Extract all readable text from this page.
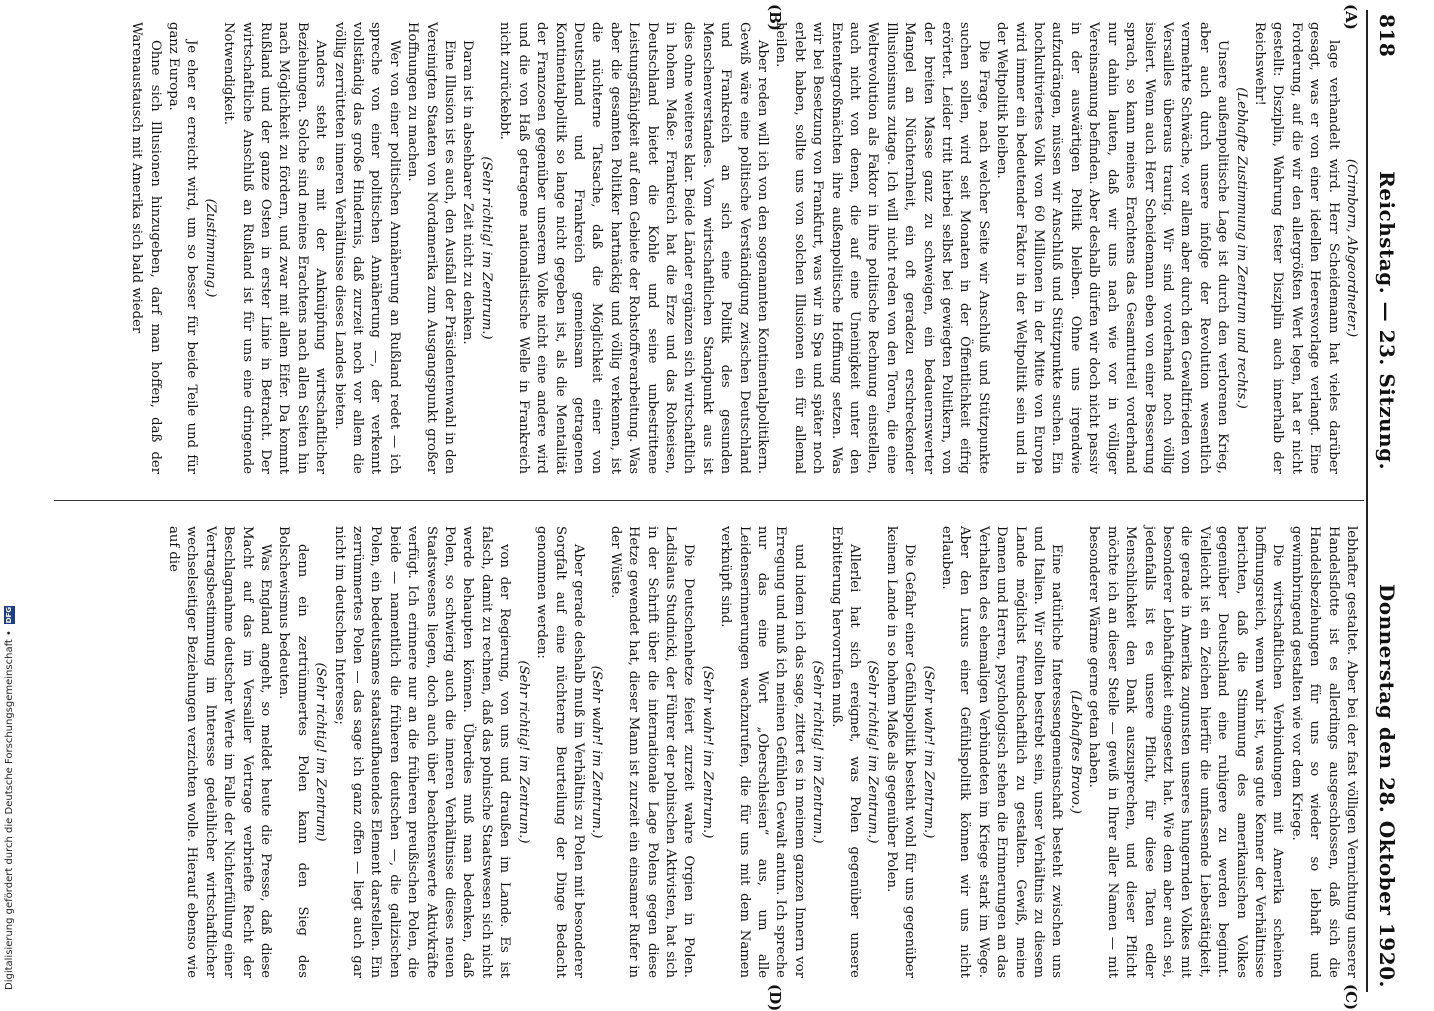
818
Reichstag. — 23. Sitzung.
Donnerstag den 28. Oktober 1920.
(A)
(B)
(C)
(D)

(Crimborn, Abgeordneter.)

lage verhandelt wird. Herr Scheidemann hat vieles darüber gesagt, was er von einer ideellen Heeresvorlage verlangt. Eine Forderung, auf die wir den allergrößten Wert legen, hat er nicht gestellt: Disziplin, Wahrung fester Disziplin auch innerhalb der Reichswehr!

(Lebhafte Zustimmung im Zentrum und rechts.)

Unsere außenpolitische Lage ist durch den verlorenen Krieg, aber auch durch unsere infolge der Revolution wesentlich vermehrte Schwäche, vor allem aber durch den Gewaltfrieden von Versailles überaus traurig. Wir sind vorderhand noch völlig isoliert. Wenn auch Herr Scheidemann eben von einer Besserung sprach, so kann meines Erachtens das Gesamturteil vorderhand nur dahin lauten, daß wir uns nach wie vor in völliger Vereinsamung befinden. Aber deshalb dürfen wir doch nicht passiv in der auswärtigen Politik bleiben. Ohne uns irgendwie aufzudrängen, müssen wir Anschluß und Stützpunkte suchen. Ein hochkultiviertes Volk von 60 Millionen in der Mitte von Europa wird immer ein bedeutender Faktor in der Weltpolitik sein und in der Weltpolitik bleiben.

Die Frage, nach welcher Seite wir Anschluß und Stützpunkte suchen sollen, wird seit Monaten in der Öffentlichkeit eifrig erörtert. Leider tritt hierbei selbst bei gewiegten Politikern, von der breiten Masse ganz zu schweigen, ein bedauernswerter Mangel an Nüchternheit, ein oft geradezu erschreckender Illusionismus zutage. Ich will nicht reden von den Toren, die eine Weltrevolution als Faktor in ihre politische Rechnung einstellen, auch nicht von denen, die auf eine Uneinigkeit unter den Ententegroßmächten ihre außenpolitische Hoffnung setzen. Was wir bei Besetzung von Frankfurt, was wir in Spa und später noch erlebt haben, sollte uns von solchen Illusionen ein für allemal heilen.

Aber reden will ich von den sogenannten Kontinentalpolitikern. Gewiß wäre eine politische Verständigung zwischen Deutschland und Frankreich an sich eine Politik des gesunden Menschenverstandes. Vom wirtschaftlichen Standpunkt aus ist dies ohne weiteres klar. Beide Länder ergänzen sich wirtschaftlich in hohem Maße: Frankreich hat die Erze und das Rohseisen, Deutschland bietet die Kohle und seine unbestrittene Leistungsfähigkeit auf dem Gebiete der Rohstoffverarbeitung. Was aber die gesamten Politiker hartnäckig und völlig verkennen, ist die nüchterne Tatsache, daß die Möglichkeit einer von Deutschland und Frankreich gemeinsam getragenen Kontinentalpolitik so lange nicht gegeben ist, als die Mentalität der Franzosen gegenüber unserem Volke nicht eine andere wird und die von Haß getragene nationalistische Welle in Frankreich nicht zurückebbt.

(Sehr richtig! im Zentrum.)

Daran ist in absehbarer Zeit nicht zu denken.

Eine Illusion ist es auch, den Ausfall der Präsidentenwahl in den Vereinigten Staaten von Nordamerika zum Ausgangspunkt großer Hoffnungen zu machen.

Wer von einer politischen Annäherung an Rußland redet — ich spreche von einer politischen Annäherung —, der verkennt vollständig das große Hindernis, daß zurzeit noch vor allem die völlig zerrütteten inneren Verhältnisse dieses Landes bieten.

Anders steht es mit der Anknüpfung wirtschaftlicher Beziehungen. Solche sind meines Erachtens nach allen Seiten hin nach Möglichkeit zu fördern, und zwar mit allem Eifer. Da kommt Rußland und der ganze Osten in erster Linie in Betracht. Der wirtschaftliche Anschluß an Rußland ist für uns eine dringende Notwendigkeit.

(Zustimmung.)

Je eher er erreicht wird, um so besser für beide Teile und für ganz Europa.

Ohne sich Illusionen hinzugeben, darf man hoffen, daß der Warenaustausch mit Amerika sich bald wieder

lebhafter gestaltet. Aber bei der fast völligen Vernichtung unserer Handelsflotte ist es allerdings ausgeschlossen, daß sich die Handelsbeziehungen für uns so wieder so lebhaft und gewinnbringend gestalten wie vor dem Kriege.

Die wirtschaftlichen Verbindungen mit Amerika scheinen hoffnungsreich, wenn wahr ist, was gute Kenner der Verhältnisse berichten, daß die Stimmung des amerikanischen Volkes gegenüber Deutschland eine ruhigere zu werden beginnt. Vielleicht ist ein Zeichen hierfür die umfassende Liebestätigkeit, die gerade in Amerika zugunsten unseres hungernden Volkes mit besonderer Lebhaftigkeit eingesetzt hat. Wie dem aber auch sei, jedenfalls ist es unsere Pflicht, für diese Taten edler Menschlichkeit den Dank auszusprechen, und dieser Pflicht möchte ich an dieser Stelle — gewiß in Ihrer aller Namen — mit besonderer Wärme gerne getan haben.

(Lebhaftes Bravo.)

Eine natürliche Interessengemeinschaft besteht zwischen uns und Italien. Wir sollten bestrebt sein, unser Verhältnis zu diesem Lande möglichst freundschaftlich zu gestalten. Gewiß, meine Damen und Herren, psychologisch stehen die Erinnerungen an das Verhalten des ehemaligen Verbündeten im Kriege stark im Wege. Aber den Luxus einer Gefühlspolitik können wir uns nicht erlauben.

(Sehr wahr! im Zentrum.)

Die Gefahr einer Gefühlspolitik besteht wohl für uns gegenüber keinem Lande in so hohem Maße als gegenüber Polen.

(Sehr richtig! im Zentrum.)

Allerlei hat sich ereignet, was Polen gegenüber unsere Erbitterung hervorrufen muß.

(Sehr richtig! im Zentrum.)

und indem ich das sage, zittert es in meinem ganzen Innern vor Erregung und muß ich meinen Gefühlen Gewalt antun. Ich spreche nur das eine Wort „Oberschlesien“ aus, um alle Leidenserinnerungen wachzurufen, die für uns mit dem Namen verknüpft sind.

(Sehr wahr! im Zentrum.)

Die Deutschenhetze feiert zurzeit wahre Orgien in Polen. Ladislaus Studnicki, der Führer der polnischen Aktivisten, hat sich in der Schrift über die internationale Lage Polens gegen diese Hetze gewendet hat, dieser Mann ist zurzeit ein einsamer Rufer in der Wüste.

(Sehr wahr! im Zentrum.)

Aber gerade deshalb muß im Verhältnis zu Polen mit besonderer Sorgfalt auf eine nüchterne Beurteilung der Dinge Bedacht genommen werden:

(Sehr richtig! im Zentrum.)

von der Regierung, von uns und draußen im Lande. Es ist falsch, damit zu rechnen, daß das polnische Staatswesen sich nicht werde behaupten können. Überdies muß man bedenken, daß Polen, so schwierig auch die inneren Verhältnisse dieses neuen Staatswesens liegen, doch auch über beachtenswerte Aktivkräfte verfügt. Ich erinnere nur an die früheren preußischen Polen, die beide — namentlich die früheren deutschen —, die galizischen Polen, ein bedeutsames staatsaufbauendes Element darstellen. Ein zerrümmertes Polen — das sage ich ganz offen — liegt auch gar nicht im deutschen Interesse;

(Sehr richtig! im Zentrum)

denn ein zertrümmertes Polen kann den Sieg des Bolschewismus bedeuten.

Was England angeht, so meldet heute die Presse, daß diese Macht auf das im Versailler Vertrage verbriefte Recht der Beschlagnahme deutscher Werte im Falle der Nichterfüllung einer Vertragsbestimmung im Interesse gedeihlicher wirtschaftlicher wechselseitiger Beziehungen verzichten wolle. Hierauf ebenso wie auf die

Digitalisierung gefördert durch die Deutsche Forschungsgemeinschaft •
DFG
